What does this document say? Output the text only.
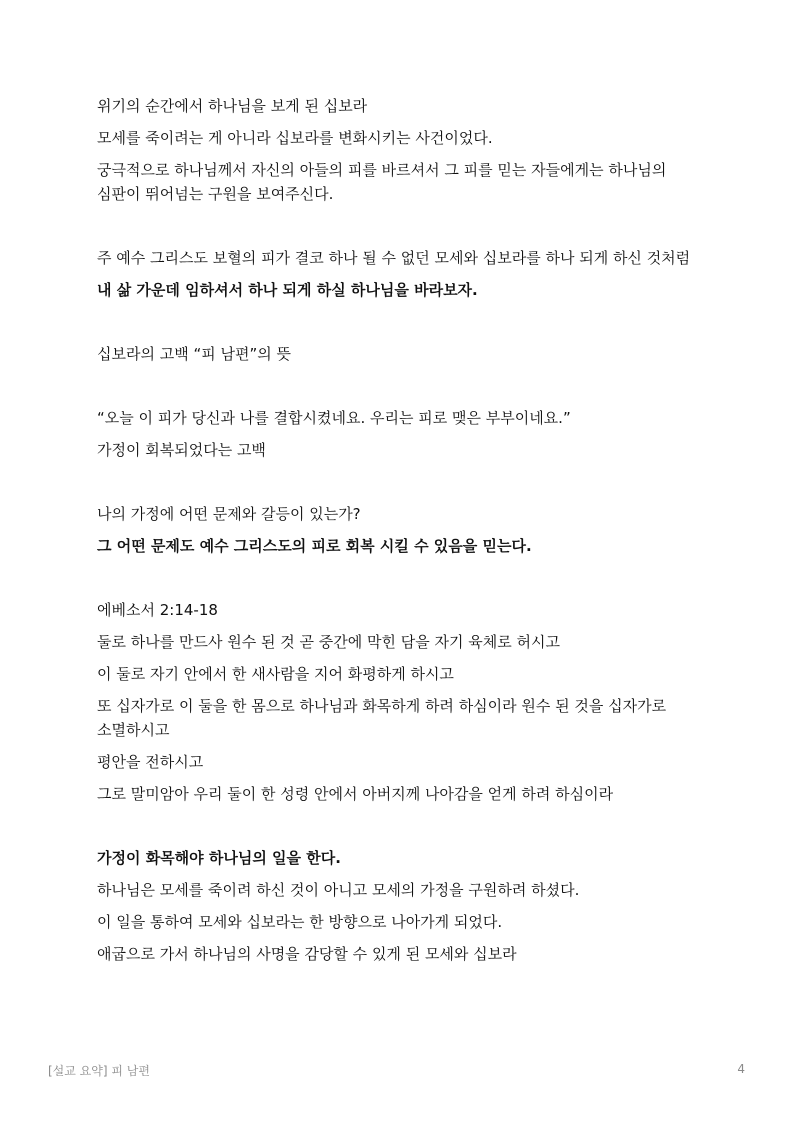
위기의 순간에서 하나님을 보게 된 십보라

모세를 죽이려는 게 아니라 십보라를 변화시키는 사건이었다.

궁극적으로 하나님께서 자신의 아들의 피를 바르셔서 그 피를 믿는 자들에게는 하나님의 심판이 뛰어넘는 구원을 보여주신다.

주 예수 그리스도 보혈의 피가 결코 하나 될 수 없던 모세와 십보라를 하나 되게 하신 것처럼

내 삶 가운데 임하셔서 하나 되게 하실 하나님을 바라보자.

십보라의 고백 “피 남편”의 뜻

“오늘 이 피가 당신과 나를 결합시켰네요. 우리는 피로 맺은 부부이네요.”

가정이 회복되었다는 고백

나의 가정에 어떤 문제와 갈등이 있는가?

그 어떤 문제도 예수 그리스도의 피로 회복 시킬 수 있음을 믿는다.

에베소서 2:14-18

둘로 하나를 만드사 원수 된 것 곧 중간에 막힌 담을 자기 육체로 허시고

이 둘로 자기 안에서 한 새사람을 지어 화평하게 하시고

또 십자가로 이 둘을 한 몸으로 하나님과 화목하게 하려 하심이라 원수 된 것을 십자가로 소멸하시고

평안을 전하시고

그로 말미암아 우리 둘이 한 성령 안에서 아버지께 나아감을 얻게 하려 하심이라

가정이 화목해야 하나님의 일을 한다.

하나님은 모세를 죽이려 하신 것이 아니고 모세의 가정을 구원하려 하셨다.

이 일을 통하여 모세와 십보라는 한 방향으로 나아가게 되었다.

애굽으로 가서 하나님의 사명을 감당할 수 있게 된 모세와 십보라

[설교 요약] 피 남편	4
